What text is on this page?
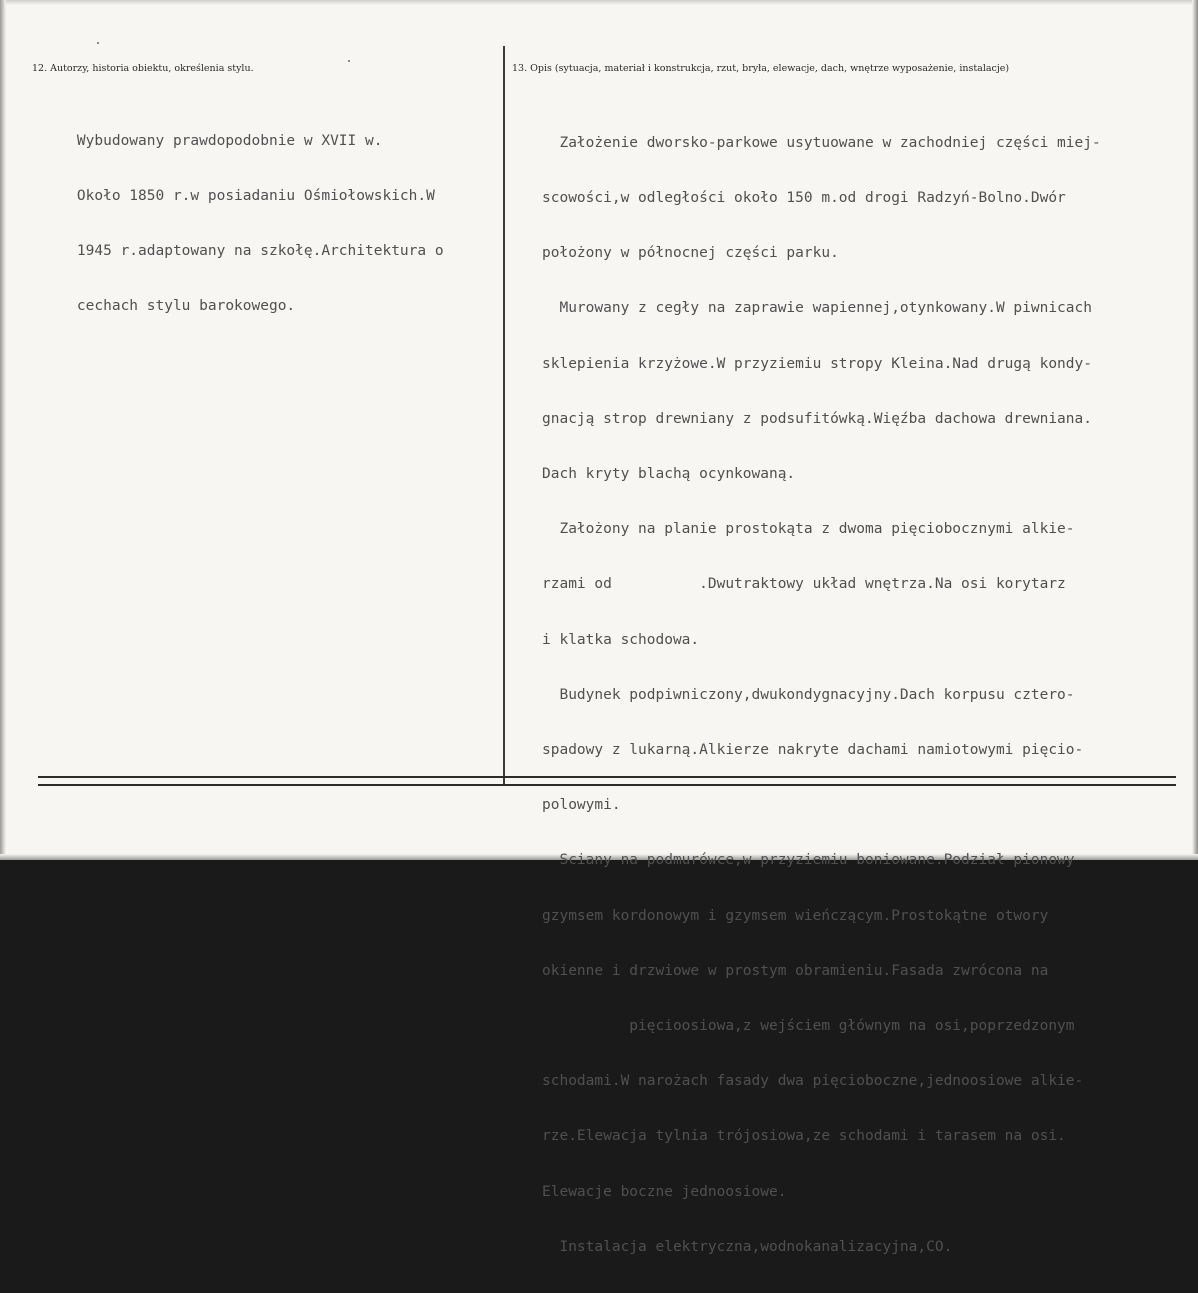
12. Autorzy, historia obiektu, określenia stylu.	13. Opis (sytuacja, materiał i konstrukcja, rzut, bryła, elewacje, dach, wnętrze wyposażenie, instalacje)

Wybudowany prawdopodobnie w XVII w.

Około 1850 r.w posiadaniu Ośmiołowskich.W

1945 r.adaptowany na szkołę.Architektura o

cechach stylu barokowego.

Założenie dworsko-parkowe usytuowane w zachodniej części miej-

scowości,w odległości około 150 m.od drogi Radzyń-Bolno.Dwór

położony w północnej części parku.

Murowany z cegły na zaprawie wapiennej,otynkowany.W piwnicach

sklepienia krzyżowe.W przyziemiu stropy Kleina.Nad drugą kondy-

gnacją strop drewniany z podsufitówką.Więźba dachowa drewniana.

Dach kryty blachą ocynkowaną.

Założony na planie prostokąta z dwoma pięciobocznymi alkie-

rzami od          .Dwutraktowy układ wnętrza.Na osi korytarz

i klatka schodowa.

Budynek podpiwniczony,dwukondygnacyjny.Dach korpusu cztero-

spadowy z lukarną.Alkierze nakryte dachami namiotowymi pięcio-

polowymi.

Sciany na podmurówce,w przyziemiu boniowane.Podział pionowy

gzymsem kordonowym i gzymsem wieńczącym.Prostokątne otwory

okienne i drzwiowe w prostym obramieniu.Fasada zwrócona na

pięcioosiowa,z wejściem głównym na osi,poprzedzonym

schodami.W narożach fasady dwa pięcioboczne,jednoosiowe alkie-

rze.Elewacja tylnia trójosiowa,ze schodami i tarasem na osi.

Elewacje boczne jednoosiowe.

Instalacja elektryczna,wodnokanalizacyjna,CO.
